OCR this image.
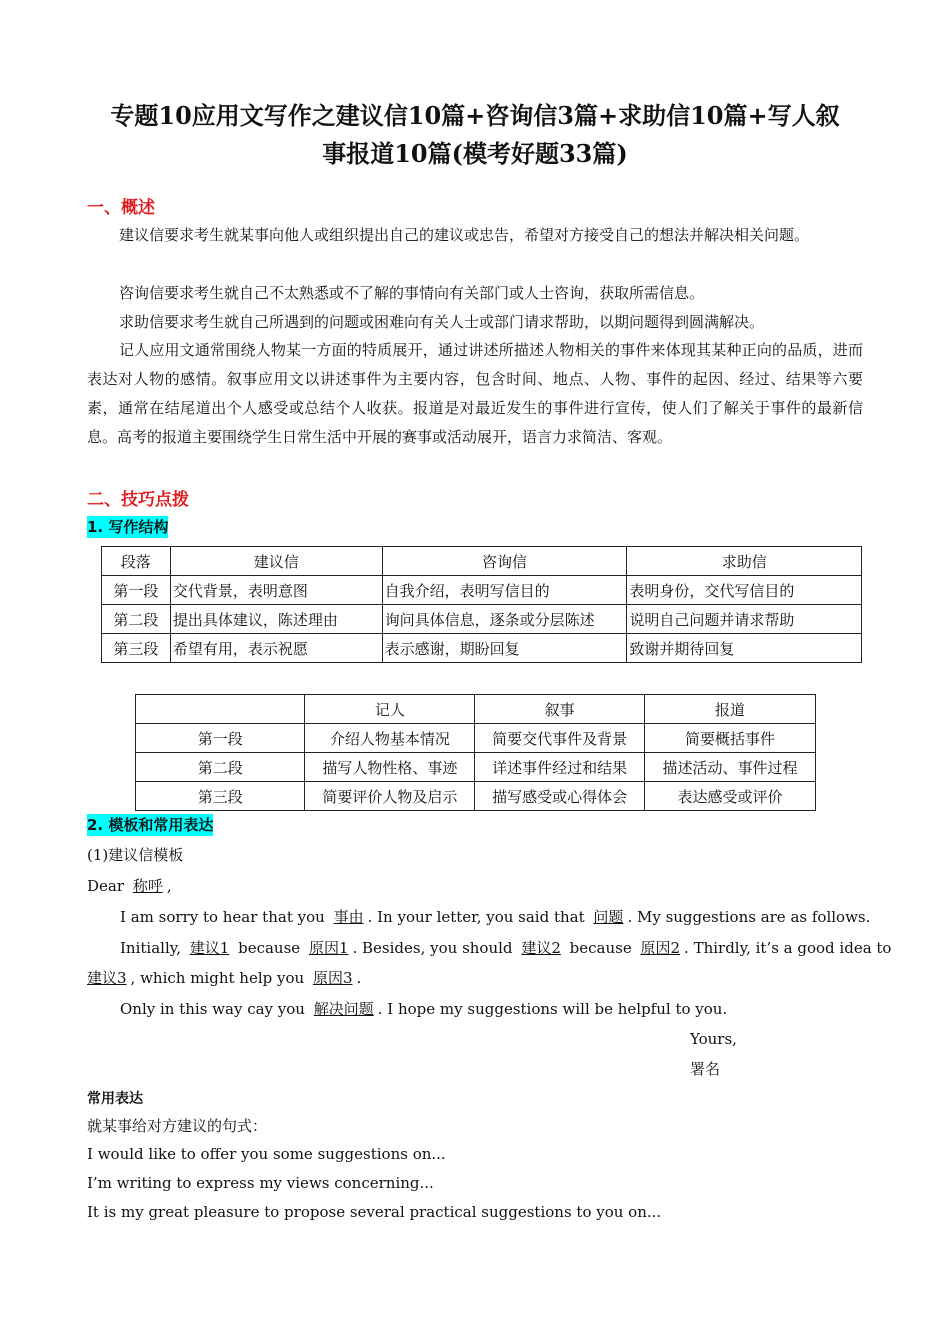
专题10应用文写作之建议信10篇+咨询信3篇+求助信10篇+写人叙
事报道10篇(模考好题33篇)
一、概述
建议信要求考生就某事向他人或组织提出自己的建议或忠告，希望对方接受自己的想法并解决相关问题。
咨询信要求考生就自己不太熟悉或不了解的事情向有关部门或人士咨询，获取所需信息。
求助信要求考生就自己所遇到的问题或困难向有关人士或部门请求帮助，以期问题得到圆满解决。
记人应用文通常围绕人物某一方面的特质展开，通过讲述所描述人物相关的事件来体现其某种正向的品质，进而表达对人物的感情。叙事应用文以讲述事件为主要内容，包含时间、地点、人物、事件的起因、经过、结果等六要素，通常在结尾道出个人感受或总结个人收获。报道是对最近发生的事件进行宣传，使人们了解关于事件的最新信息。高考的报道主要围绕学生日常生活中开展的赛事或活动展开，语言力求简洁、客观。
二、技巧点拨
1. 写作结构
段落	建议信	咨询信	求助信
第一段	交代背景，表明意图	自我介绍，表明写信目的	表明身份，交代写信目的
第二段	提出具体建议，陈述理由	询问具体信息，逐条或分层陈述	说明自己问题并请求帮助
第三段	希望有用，表示祝愿	表示感谢，期盼回复	致谢并期待回复
	记人	叙事	报道
第一段	介绍人物基本情况	简要交代事件及背景	简要概括事件
第二段	描写人物性格、事迹	详述事件经过和结果	描述活动、事件过程
第三段	简要评价人物及启示	描写感受或心得体会	表达感受或评价
2. 模板和常用表达
(1)建议信模板
Dear 称呼 ,
I am sorry to hear that you 事由 . In your letter, you said that 问题 . My suggestions are as follows.
Initially, 建议1 because 原因1 . Besides, you should 建议2 because 原因2 . Thirdly, it’s a good idea to
建议3 , which might help you 原因3 .
Only in this way cay you 解决问题 . I hope my suggestions will be helpful to you.
Yours,
署名
常用表达
就某事给对方建议的句式：
I would like to offer you some suggestions on...
I’m writing to express my views concerning...
It is my great pleasure to propose several practical suggestions to you on...
